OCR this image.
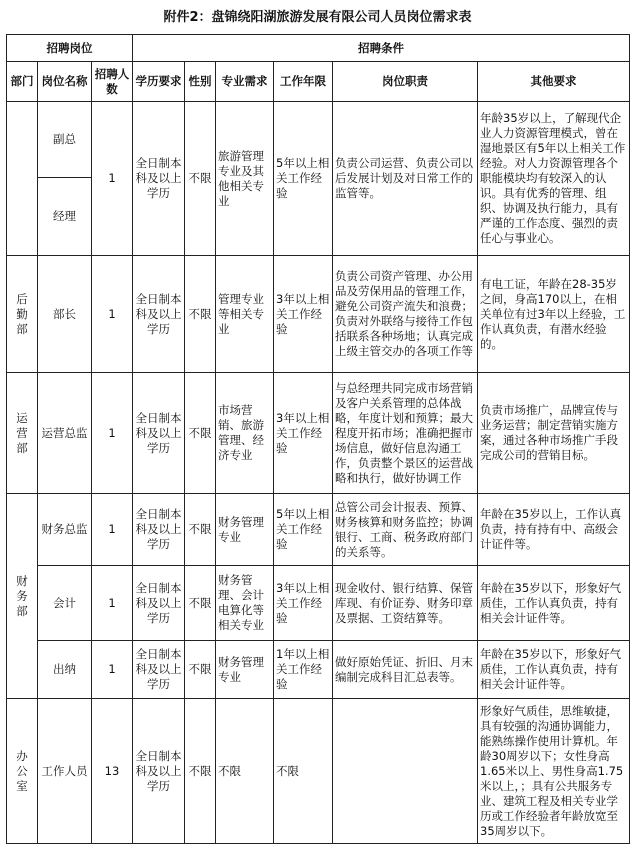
附件2：盘锦绕阳湖旅游发展有限公司人员岗位需求表
招聘岗位			招聘条件					
部门	岗位名称	招聘人数	学历要求	性别	专业需求	工作年限	岗位职责	其他要求
	副总	1	全日制本科及以上学历	不限	旅游管理专业及其他相关专业	5年以上相关工作经验	负责公司运营、负责公司以后发展计划及对日常工作的监管等。	年龄35岁以上，了解现代企业人力资源管理模式，曾在湿地景区有5年以上相关工作经验。对人力资源管理各个职能模块均有较深入的认识。具有优秀的管理、组织、协调及执行能力，具有严谨的工作态度、强烈的责任心与事业心。
	经理							
后勤部	部长	1	全日制本科及以上学历	不限	管理专业等相关专业	3年以上相关工作经验	负责公司资产管理、办公用品及劳保用品的管理工作，避免公司资产流失和浪费；负责对外联络与接待工作包括联系各种场地；认真完成上级主管交办的各项工作等	有电工证，年龄在28-35岁之间，身高170以上，在相关单位有过3年以上经验，工作认真负责，有潜水经验的。
运营部	运营总监	1	全日制本科及以上学历	不限	市场营销、旅游管理、经济专业	3年以上相关工作经验	与总经理共同完成市场营销及客户关系管理的总体战略，年度计划和预算；最大程度开拓市场；准确把握市场信息，做好信息沟通工作，负责整个景区的运营战略和执行，做好协调工作	负责市场推广，品牌宣传与业务运营；制定营销实施方案，通过各种市场推广手段完成公司的营销目标。
财务部	财务总监	1	全日制本科及以上学历	不限	财务管理专业	5年以上相关工作经验	总管公司会计报表、预算、财务核算和财务监控；协调银行、工商、税务政府部门的关系等。	年龄在35岁以上，工作认真负责，持有持有中、高级会计证件等。
	会计	1	全日制本科及以上学历	不限	财务管理、会计电算化等相关专业	3年以上相关工作经验	现金收付、银行结算、保管库现、有价证券、财务印章及票据、工资结算等。	年龄在35岁以下，形象好气质佳，工作认真负责，持有相关会计证件等。
	出纳	1	全日制本科及以上学历	不限	财务管理专业	1年以上相关工作经验	做好原始凭证、折旧、月末编制完成科目汇总表等。	年龄在35岁以下，形象好气质佳，工作认真负责，持有相关会计证件等。
办公室	工作人员	13	全日制本科及以上学历	不限	不限	不限		形象好气质佳，思维敏捷，具有较强的沟通协调能力，能熟练操作使用计算机。年龄30周岁以下；女性身高1.65米以上、男性身高1.75米以上，；具有公共服务专业、建筑工程及相关专业学历或工作经验者年龄放宽至35周岁以下。
